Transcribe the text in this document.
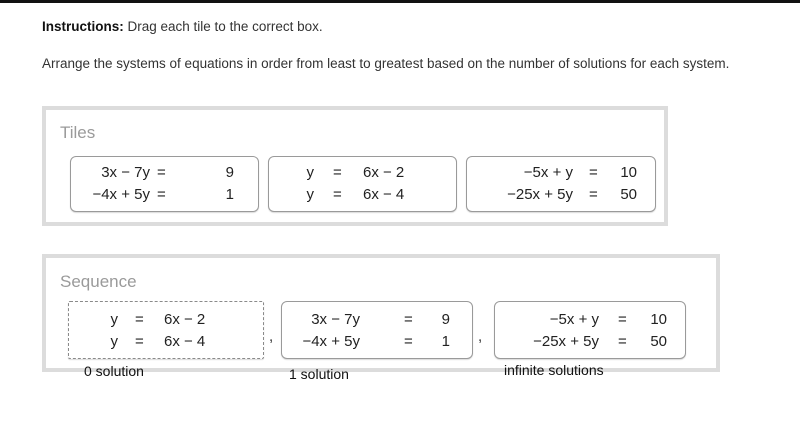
Instructions: Drag each tile to the correct box.
Arrange the systems of equations in order from least to greatest based on the number of solutions for each system.
Tiles
3x − 7y =	9
−4x + 5y =	1
y = 6x − 2
y = 6x − 4
−5x + y = 10
−25x + 5y = 50
Sequence
y = 6x − 2
y = 6x − 4	,
3x − 7y	= 9
−4x + 5y	= 1 ,
−5x + y = 10
−25x + 5y = 50
0 solution	1 solution	infinite solutions
